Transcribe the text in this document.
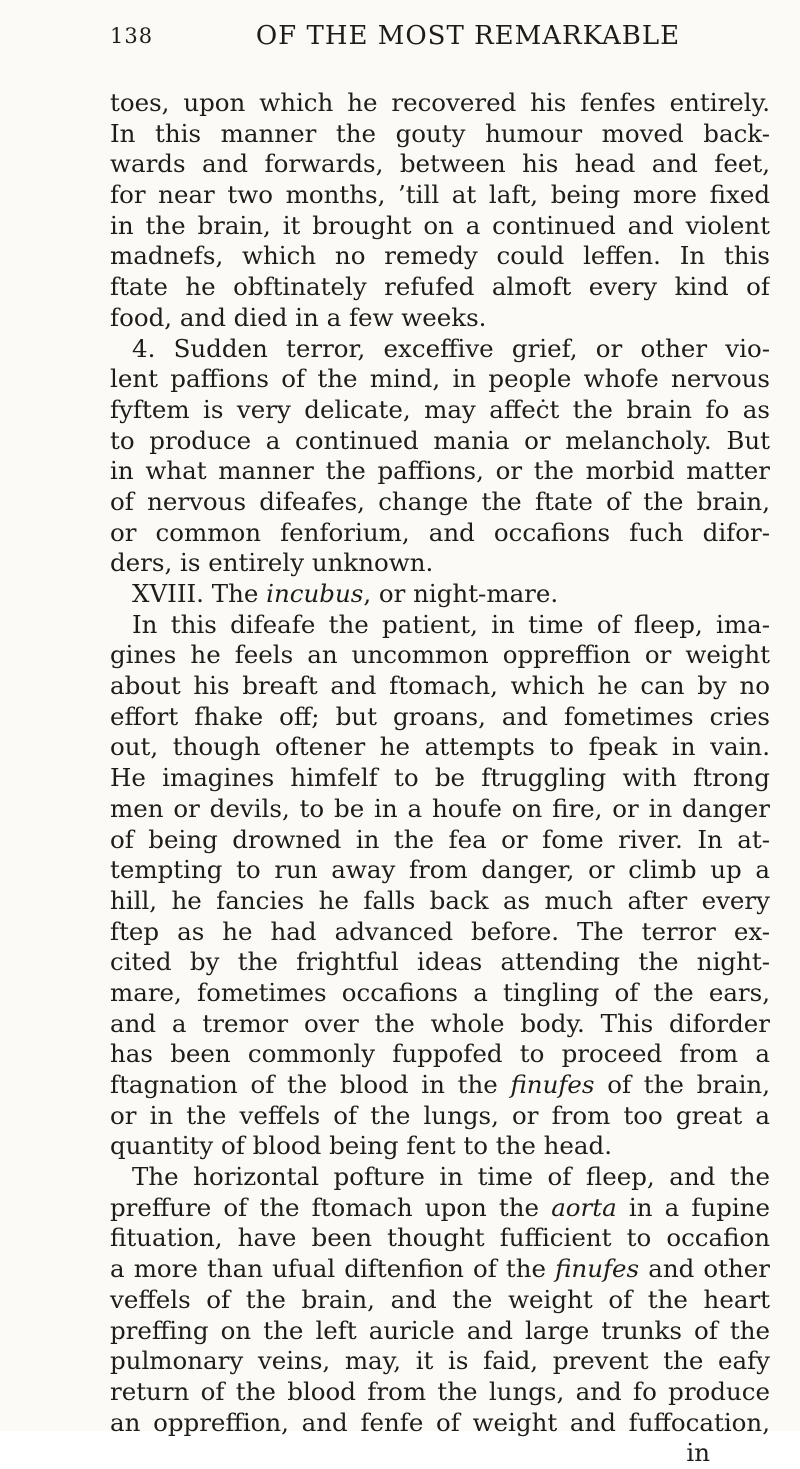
138	OF THE MOST REMARKABLE
toes, upon which he recovered his fenfes entirely.
In this manner the gouty humour moved back-
wards and forwards, between his head and feet,
for near two months, ’till at laft, being more fixed
in the brain, it brought on a continued and violent
madnefs, which no remedy could leffen. In this
ftate he obftinately refufed almoft every kind of
food, and died in a few weeks.
4. Sudden terror, exceffive grief, or other vio-
lent paffions of the mind, in people whofe nervous
fyftem is very delicate, may affeċt the brain fo as
to produce a continued mania or melancholy. But
in what manner the paffions, or the morbid matter
of nervous difeafes, change the ftate of the brain,
or common fenforium, and occafions fuch difor-
ders, is entirely unknown.
XVIII. The incubus, or night-mare.
In this difeafe the patient, in time of fleep, ima-
gines he feels an uncommon oppreffion or weight
about his breaft and ftomach, which he can by no
effort fhake off; but groans, and fometimes cries
out, though oftener he attempts to fpeak in vain.
He imagines himfelf to be ftruggling with ftrong
men or devils, to be in a houfe on fire, or in danger
of being drowned in the fea or fome river. In at-
tempting to run away from danger, or climb up a
hill, he fancies he falls back as much after every
ftep as he had advanced before. The terror ex-
cited by the frightful ideas attending the night-
mare, fometimes occafions a tingling of the ears,
and a tremor over the whole body. This diforder
has been commonly fuppofed to proceed from a
ftagnation of the blood in the finufes of the brain,
or in the veffels of the lungs, or from too great a
quantity of blood being fent to the head.
The horizontal pofture in time of fleep, and the
preffure of the ftomach upon the aorta in a fupine
fituation, have been thought fufficient to occafion
a more than ufual diftenfion of the finufes and other
veffels of the brain, and the weight of the heart
preffing on the left auricle and large trunks of the
pulmonary veins, may, it is faid, prevent the eafy
return of the blood from the lungs, and fo produce
an oppreffion, and fenfe of weight and fuffocation,
in
